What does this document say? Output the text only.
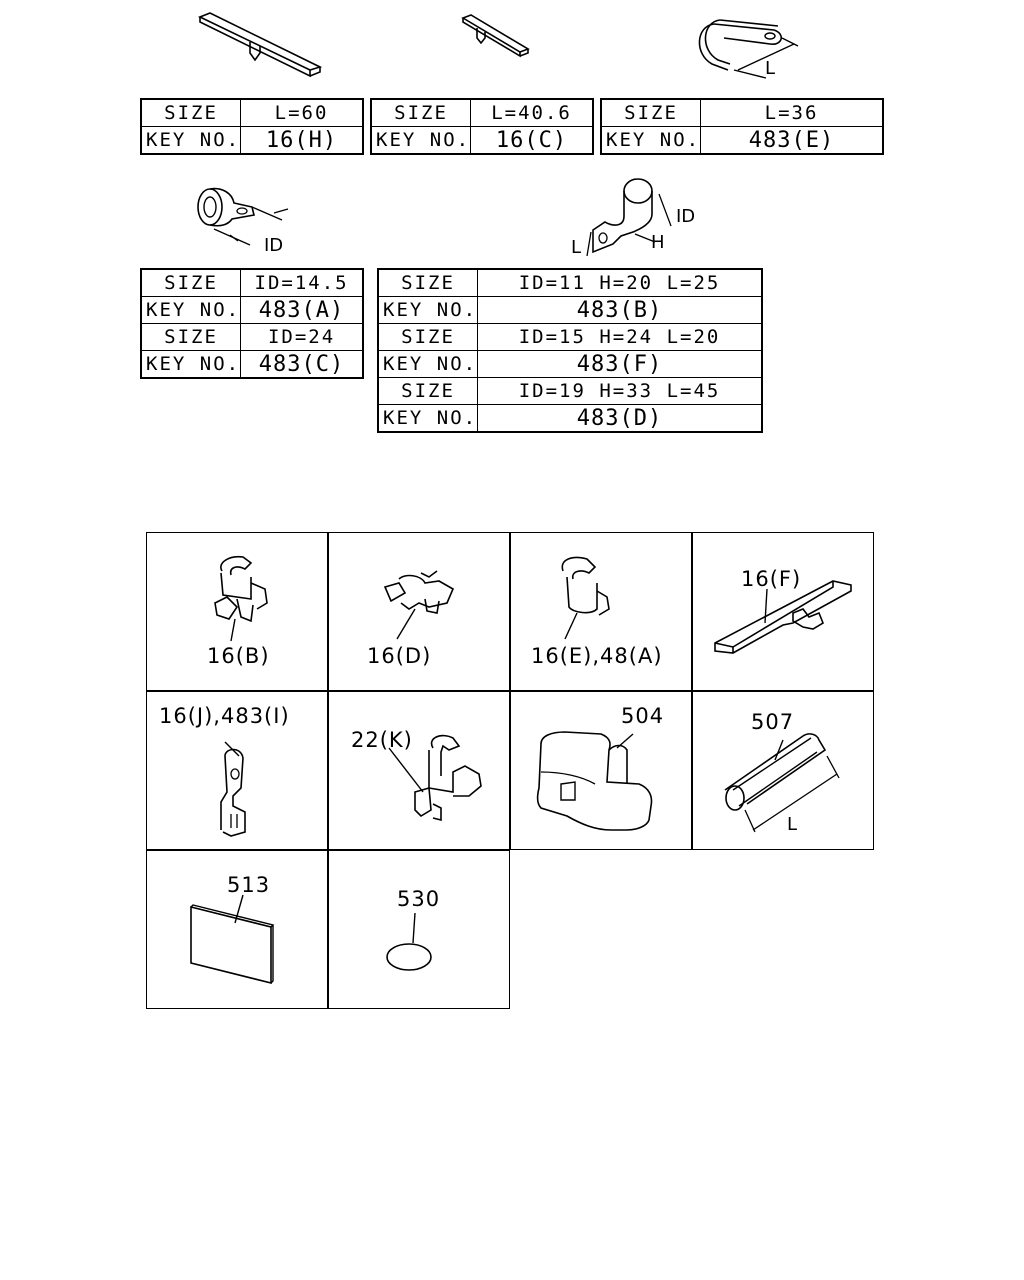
L
SIZE	L=60
KEY NO.	16(H)
SIZE	L=40.6
KEY NO.	16(C)
SIZE	L=36
KEY NO.	483(E)
ID
ID
H
L
SIZE	ID=14.5
KEY NO.	483(A)
SIZE	ID=24
KEY NO.	483(C)
SIZE	ID=11 H=20 L=25
KEY NO.	483(B)
SIZE	ID=15 H=24 L=20
KEY NO.	483(F)
SIZE	ID=19 H=33 L=45
KEY NO.	483(D)
16(B)	16(D)	16(E),48(A)
16(F)
16(J),483(I)
22(K)
504	507
L
513
530
